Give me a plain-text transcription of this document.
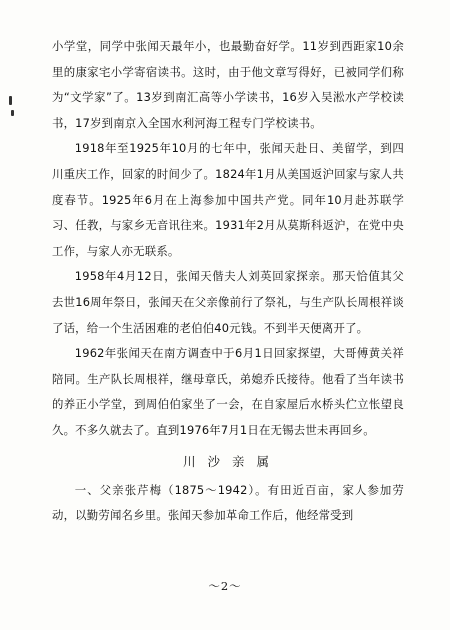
小学堂，同学中张闻天最年小，也最勤奋好学。11岁到西距家10余里的康家宅小学寄宿读书。这时，由于他文章写得好，已被同学们称为“文学家”了。13岁到南汇高等小学读书，16岁入吴淞水产学校读书，17岁到南京入全国水利河海工程专门学校读书。

1918年至1925年10月的七年中，张闻天赴日、美留学，到四川重庆工作，回家的时间少了。1824年1月从美国返沪回家与家人共度春节。1925年6月在上海参加中国共产党。同年10月赴苏联学习、任教，与家乡无音讯往来。1931年2月从莫斯科返沪，在党中央工作，与家人亦无联系。

1958年4月12日，张闻天偕夫人刘英回家探亲。那天恰值其父去世16周年祭日，张闻天在父亲像前行了祭礼，与生产队长周根祥谈了话，给一个生活困难的老伯伯40元钱。不到半天便离开了。

1962年张闻天在南方调查中于6月1日回家探望，大哥傅黄关祥陪同。生产队长周根祥，继母章氏，弟媳乔氏接待。他看了当年读书的养正小学堂，到周伯伯家坐了一会，在自家屋后水桥头伫立怅望良久。不多久就去了。直到1976年7月1日在无锡去世未再回乡。

川 沙 亲 属

一、父亲张芹梅（1875～1942）。有田近百亩，家人参加劳动，以勤劳闻名乡里。张闻天参加革命工作后，他经常受到

～2～
